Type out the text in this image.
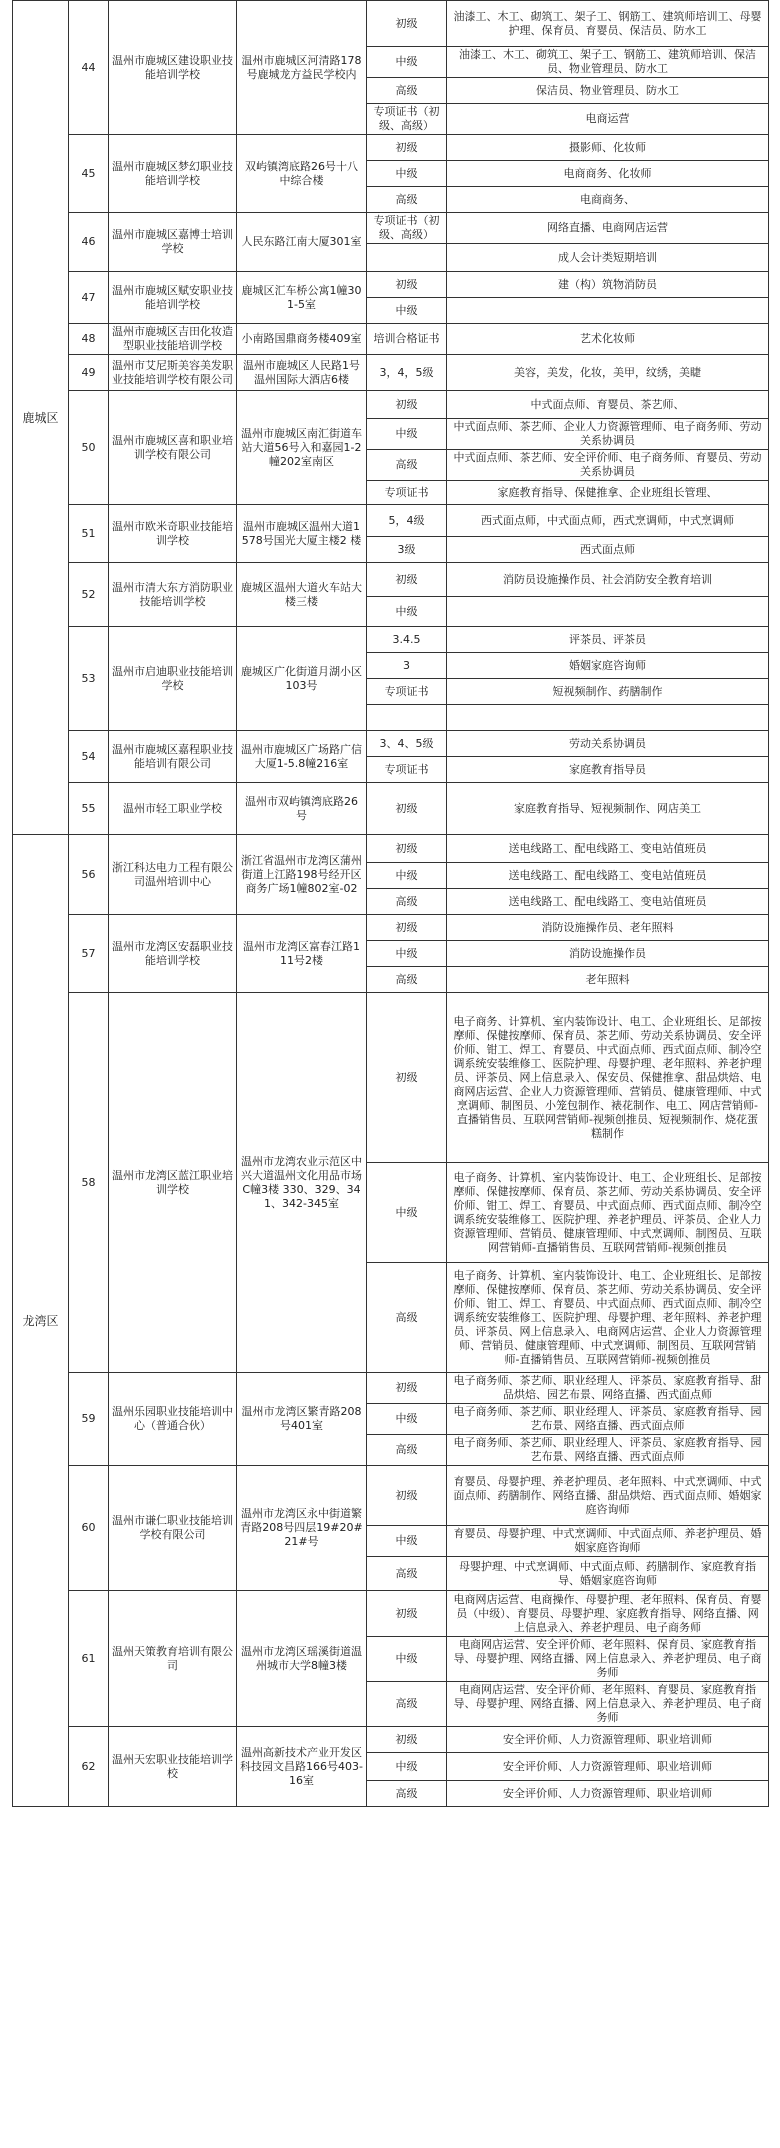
鹿城区	44	温州市鹿城区建设职业技能培训学校	温州市鹿城区河清路178号鹿城龙方益民学校内	初级	油漆工、木工、砌筑工、架子工、钢筋工、建筑师培训工、母婴护理、保育员、育婴员、保洁员、防水工
				中级	油漆工、木工、砌筑工、架子工、钢筋工、建筑师培训、保洁员、物业管理员、防水工
				高级	保洁员、物业管理员、防水工
				专项证书（初级、高级）	电商运营
	45	温州市鹿城区梦幻职业技能培训学校	双屿镇湾底路26号十八中综合楼	初级	摄影师、化妆师
				中级	电商商务、化妆师
				高级	电商商务、
	46	温州市鹿城区嘉博士培训学校	人民东路江南大厦301室	专项证书（初级、高级）	网络直播、电商网店运营
					成人会计类短期培训
	47	温州市鹿城区赋安职业技能培训学校	鹿城区汇车桥公寓1幢301-5室	初级	建（构）筑物消防员
				中级	
	48	温州市鹿城区吉田化妆造型职业技能培训学校	小南路国鼎商务楼409室	培训合格证书	艺术化妆师
	49	温州市艾尼斯美容美发职业技能培训学校有限公司	温州市鹿城区人民路1号温州国际大酒店6楼	3，4，5级	美容，美发，化妆，美甲，纹绣，美睫
	50	温州市鹿城区喜和职业培训学校有限公司	温州市鹿城区南汇街道车站大道56号入和嘉园1-2幢202室南区	初级	中式面点师、育婴员、茶艺师、
				中级	中式面点师、茶艺师、企业人力资源管理师、电子商务师、劳动关系协调员
				高级	中式面点师、茶艺师、安全评价师、电子商务师、育婴员、劳动关系协调员
				专项证书	家庭教育指导、保健推拿、企业班组长管理、
	51	温州市欧米奇职业技能培训学校	温州市鹿城区温州大道1578号国光大厦主楼2 楼	5，4级	西式面点师，中式面点师，西式烹调师，中式烹调师
				3级	西式面点师
	52	温州市清大东方消防职业技能培训学校	鹿城区温州大道火车站大楼三楼	初级	消防员设施操作员、社会消防安全教育培训
				中级	
	53	温州市启迪职业技能培训学校	鹿城区广化街道月湖小区103号	3.4.5	评茶员、评茶员
				3	婚姻家庭咨询师
				专项证书	短视频制作、药膳制作

	54	温州市鹿城区嘉程职业技能培训有限公司	温州市鹿城区广场路广信大厦1-5.8幢216室	3、4、5级	劳动关系协调员
				专项证书	家庭教育指导员
	55	温州市轻工职业学校	温州市双屿镇湾底路26号	初级	家庭教育指导、短视频制作、网店美工
龙湾区	56	浙江科达电力工程有限公司温州培训中心	浙江省温州市龙湾区蒲州街道上江路198号经开区商务广场1幢802室-02	初级	送电线路工、配电线路工、变电站值班员
				中级	送电线路工、配电线路工、变电站值班员
				高级	送电线路工、配电线路工、变电站值班员
	57	温州市龙湾区安磊职业技能培训学校	温州市龙湾区富春江路111号2楼	初级	消防设施操作员、老年照料
				中级	消防设施操作员
				高级	老年照料
	58	温州市龙湾区蓝江职业培训学校	温州市龙湾农业示范区中兴大道温州文化用品市场C幢3楼 330、329、341、342-345室	初级	电子商务、计算机、室内装饰设计、电工、企业班组长、足部按摩师、保健按摩师、保育员、茶艺师、劳动关系协调员、安全评价师、钳工、焊工、育婴员、中式面点师、西式面点师、制冷空调系统安装维修工、医院护理、母婴护理、老年照料、养老护理员、评茶员、网上信息录入、保安员、保健推拿、甜品烘焙、电商网店运营、企业人力资源管理师、营销员、健康管理师、中式烹调师、制图员、小笼包制作、裱花制作、电工、网店营销师-直播销售员、互联网营销师-视频创推员、短视频制作、烧花蛋糕制作
				中级	电子商务、计算机、室内装饰设计、电工、企业班组长、足部按摩师、保健按摩师、保育员、茶艺师、劳动关系协调员、安全评价师、钳工、焊工、育婴员、中式面点师、西式面点师、制冷空调系统安装维修工、医院护理、养老护理员、评茶员、企业人力资源管理师、营销员、健康管理师、中式烹调师、制图员、互联网营销师-直播销售员、互联网营销师-视频创推员
				高级	电子商务、计算机、室内装饰设计、电工、企业班组长、足部按摩师、保健按摩师、保育员、茶艺师、劳动关系协调员、安全评价师、钳工、焊工、育婴员、中式面点师、西式面点师、制冷空调系统安装维修工、医院护理、母婴护理、老年照料、养老护理员、评茶员、网上信息录入、电商网店运营、企业人力资源管理师、营销员、健康管理师、中式烹调师、制图员、互联网营销师-直播销售员、互联网营销师-视频创推员
	59	温州乐园职业技能培训中心（普通合伙）	温州市龙湾区繁青路208号401室	初级	电子商务师、茶艺师、职业经理人、评茶员、家庭教育指导、甜品烘焙、园艺布景、网络直播、西式面点师
				中级	电子商务师、茶艺师、职业经理人、评茶员、家庭教育指导、园艺布景、网络直播、西式面点师
				高级	电子商务师、茶艺师、职业经理人、评茶员、家庭教育指导、园艺布景、网络直播、西式面点师
	60	温州市谦仁职业技能培训学校有限公司	温州市龙湾区永中街道繁青路208号四层19#20#21#号	初级	育婴员、母婴护理、养老护理员、老年照料、中式烹调师、中式面点师、药膳制作、网络直播、甜品烘焙、西式面点师、婚姻家庭咨询师
				中级	育婴员、母婴护理、中式烹调师、中式面点师、养老护理员、婚姻家庭咨询师
				高级	母婴护理、中式烹调师、中式面点师、药膳制作、家庭教育指导、婚姻家庭咨询师
	61	温州天策教育培训有限公司	温州市龙湾区瑶溪街道温州城市大学8幢3楼	初级	电商网店运营、电商操作、母婴护理、老年照料、保育员、育婴员（中级）、育婴员、母婴护理、家庭教育指导、网络直播、网上信息录入、养老护理员、电子商务师
				中级	电商网店运营、安全评价师、老年照料、保育员、家庭教育指导、母婴护理、网络直播、网上信息录入、养老护理员、电子商务师
				高级	电商网店运营、安全评价师、老年照料、育婴员、家庭教育指导、母婴护理、网络直播、网上信息录入、养老护理员、电子商务师
	62	温州天宏职业技能培训学校	温州高新技术产业开发区科技园文昌路166号403-16室	初级	安全评价师、人力资源管理师、职业培训师
				中级	安全评价师、人力资源管理师、职业培训师
				高级	安全评价师、人力资源管理师、职业培训师
